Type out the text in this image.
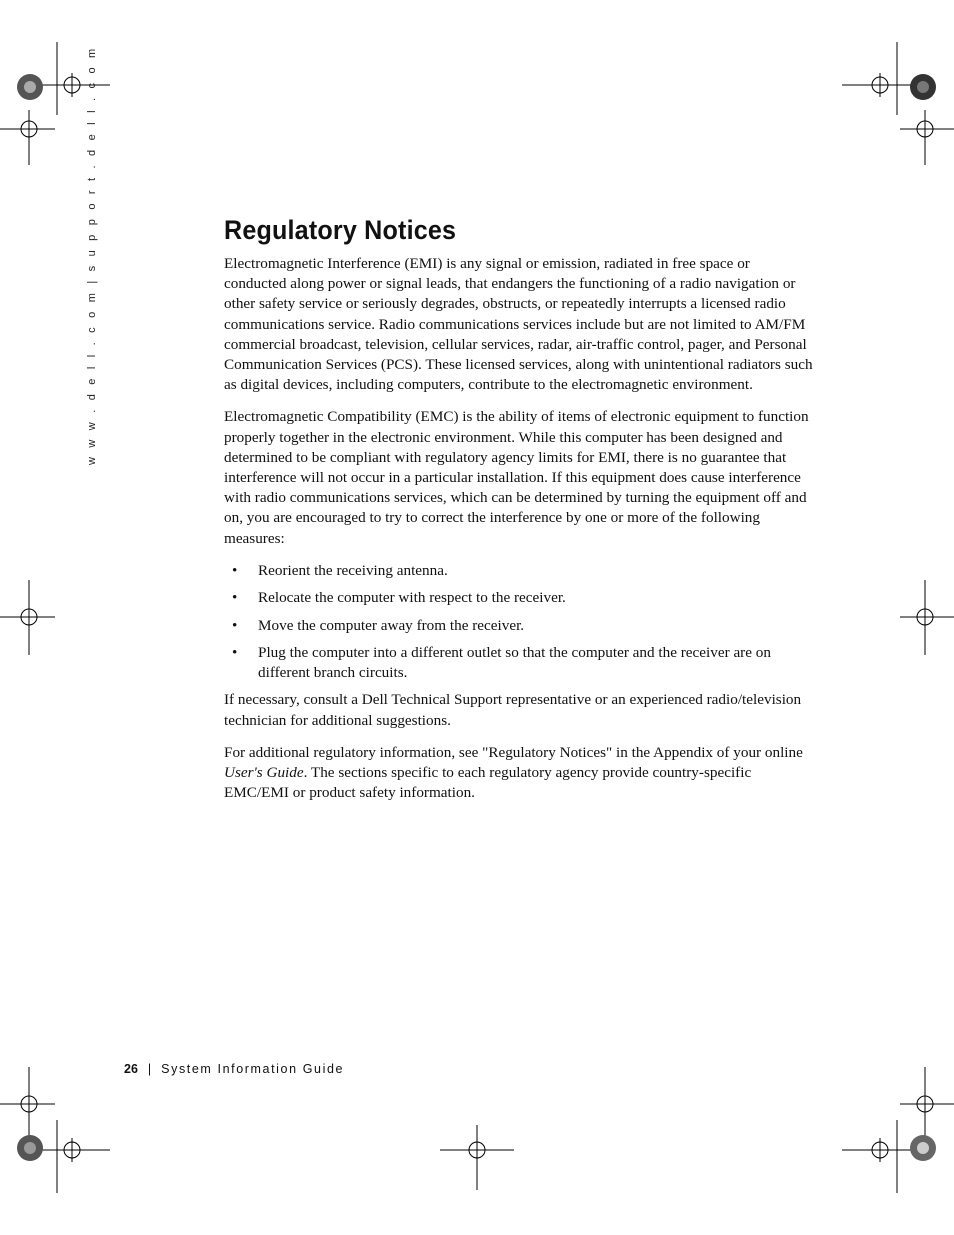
w w w . d e l l . c o m | s u p p o r t . d e l l . c o m	Regulatory Notices

Electromagnetic Interference (EMI) is any signal or emission, radiated in free space or conducted along power or signal leads, that endangers the functioning of a radio navigation or other safety service or seriously degrades, obstructs, or repeatedly interrupts a licensed radio communications service. Radio communications services include but are not limited to AM/FM commercial broadcast, television, cellular services, radar, air-traffic control, pager, and Personal Communication Services (PCS). These licensed services, along with unintentional radiators such as digital devices, including computers, contribute to the electromagnetic environment.

Electromagnetic Compatibility (EMC) is the ability of items of electronic equipment to function properly together in the electronic environment. While this computer has been designed and determined to be compliant with regulatory agency limits for EMI, there is no guarantee that interference will not occur in a particular installation. If this equipment does cause interference with radio communications services, which can be determined by turning the equipment off and on, you are encouraged to try to correct the interference by one or more of the following measures:

• Reorient the receiving antenna.
• Relocate the computer with respect to the receiver.
• Move the computer away from the receiver.
• Plug the computer into a different outlet so that the computer and the receiver are on different branch circuits.

If necessary, consult a Dell Technical Support representative or an experienced radio/television technician for additional suggestions.

For additional regulatory information, see "Regulatory Notices" in the Appendix of your online User's Guide. The sections specific to each regulatory agency provide country-specific EMC/EMI or product safety information.

26 | System Information Guide
